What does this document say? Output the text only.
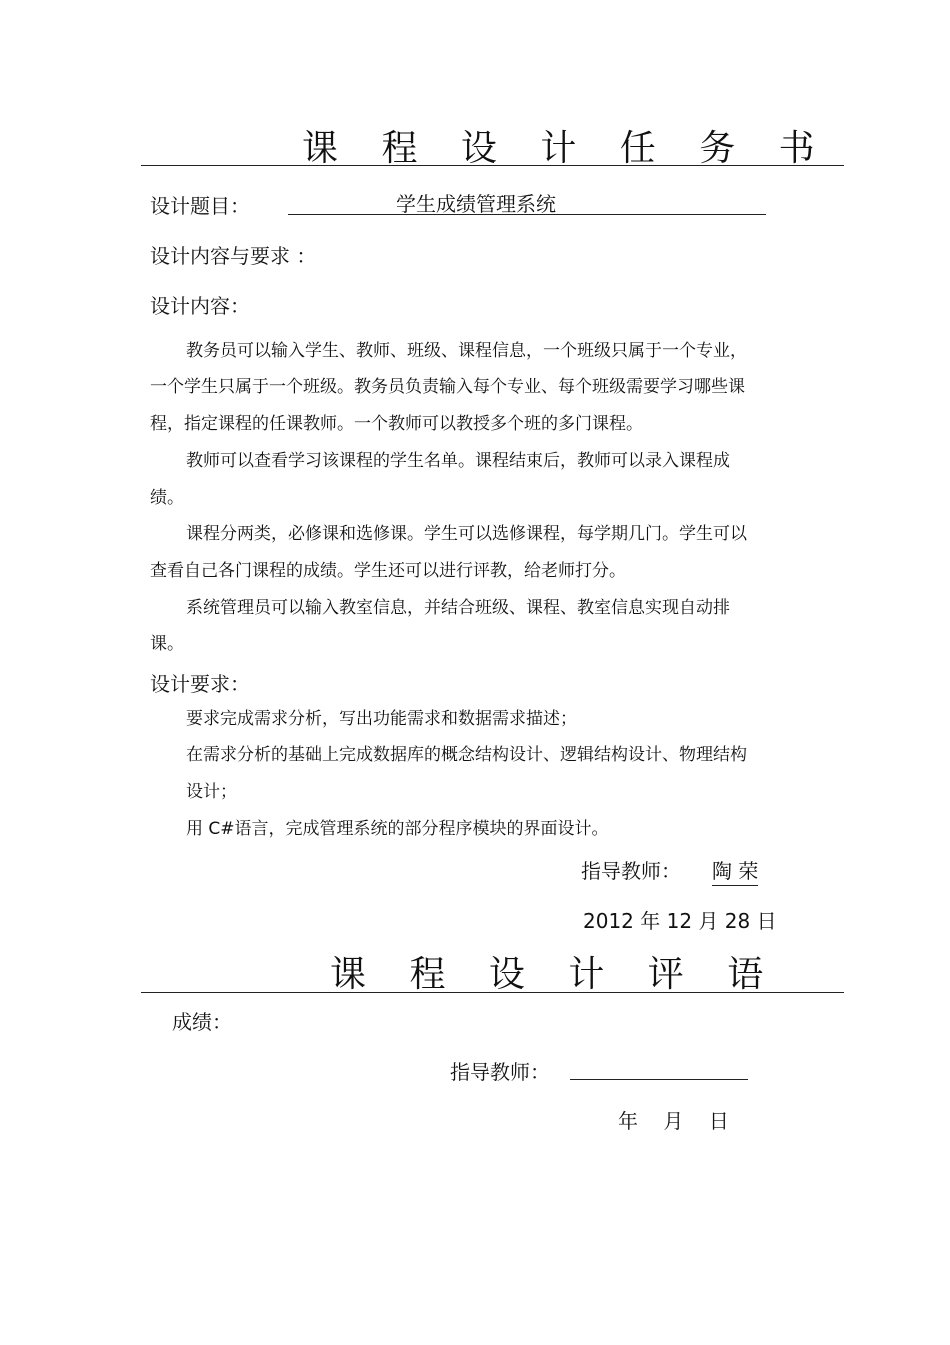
课 程 设 计 任 务 书
设计题目：	学生成绩管理系统
设计内容与要求 ：
设计内容：
教务员可以输入学生、教师、班级、课程信息，一个班级只属于一个专业，
一个学生只属于一个班级。教务员负责输入每个专业、每个班级需要学习哪些课
程，指定课程的任课教师。一个教师可以教授多个班的多门课程。
教师可以查看学习该课程的学生名单。课程结束后，教师可以录入课程成
绩。
课程分两类，必修课和选修课。学生可以选修课程，每学期几门。学生可以
查看自己各门课程的成绩。学生还可以进行评教，给老师打分。
系统管理员可以输入教室信息，并结合班级、课程、教室信息实现自动排
课。
设计要求：
要求完成需求分析，写出功能需求和数据需求描述；
在需求分析的基础上完成数据库的概念结构设计、逻辑结构设计、物理结构
设计；
用 C#语言，完成管理系统的部分程序模块的界面设计。
指导教师： 陶 荣
2012 年 12 月 28 日
课 程 设 计 评 语
成绩：
指导教师：
年    月    日
